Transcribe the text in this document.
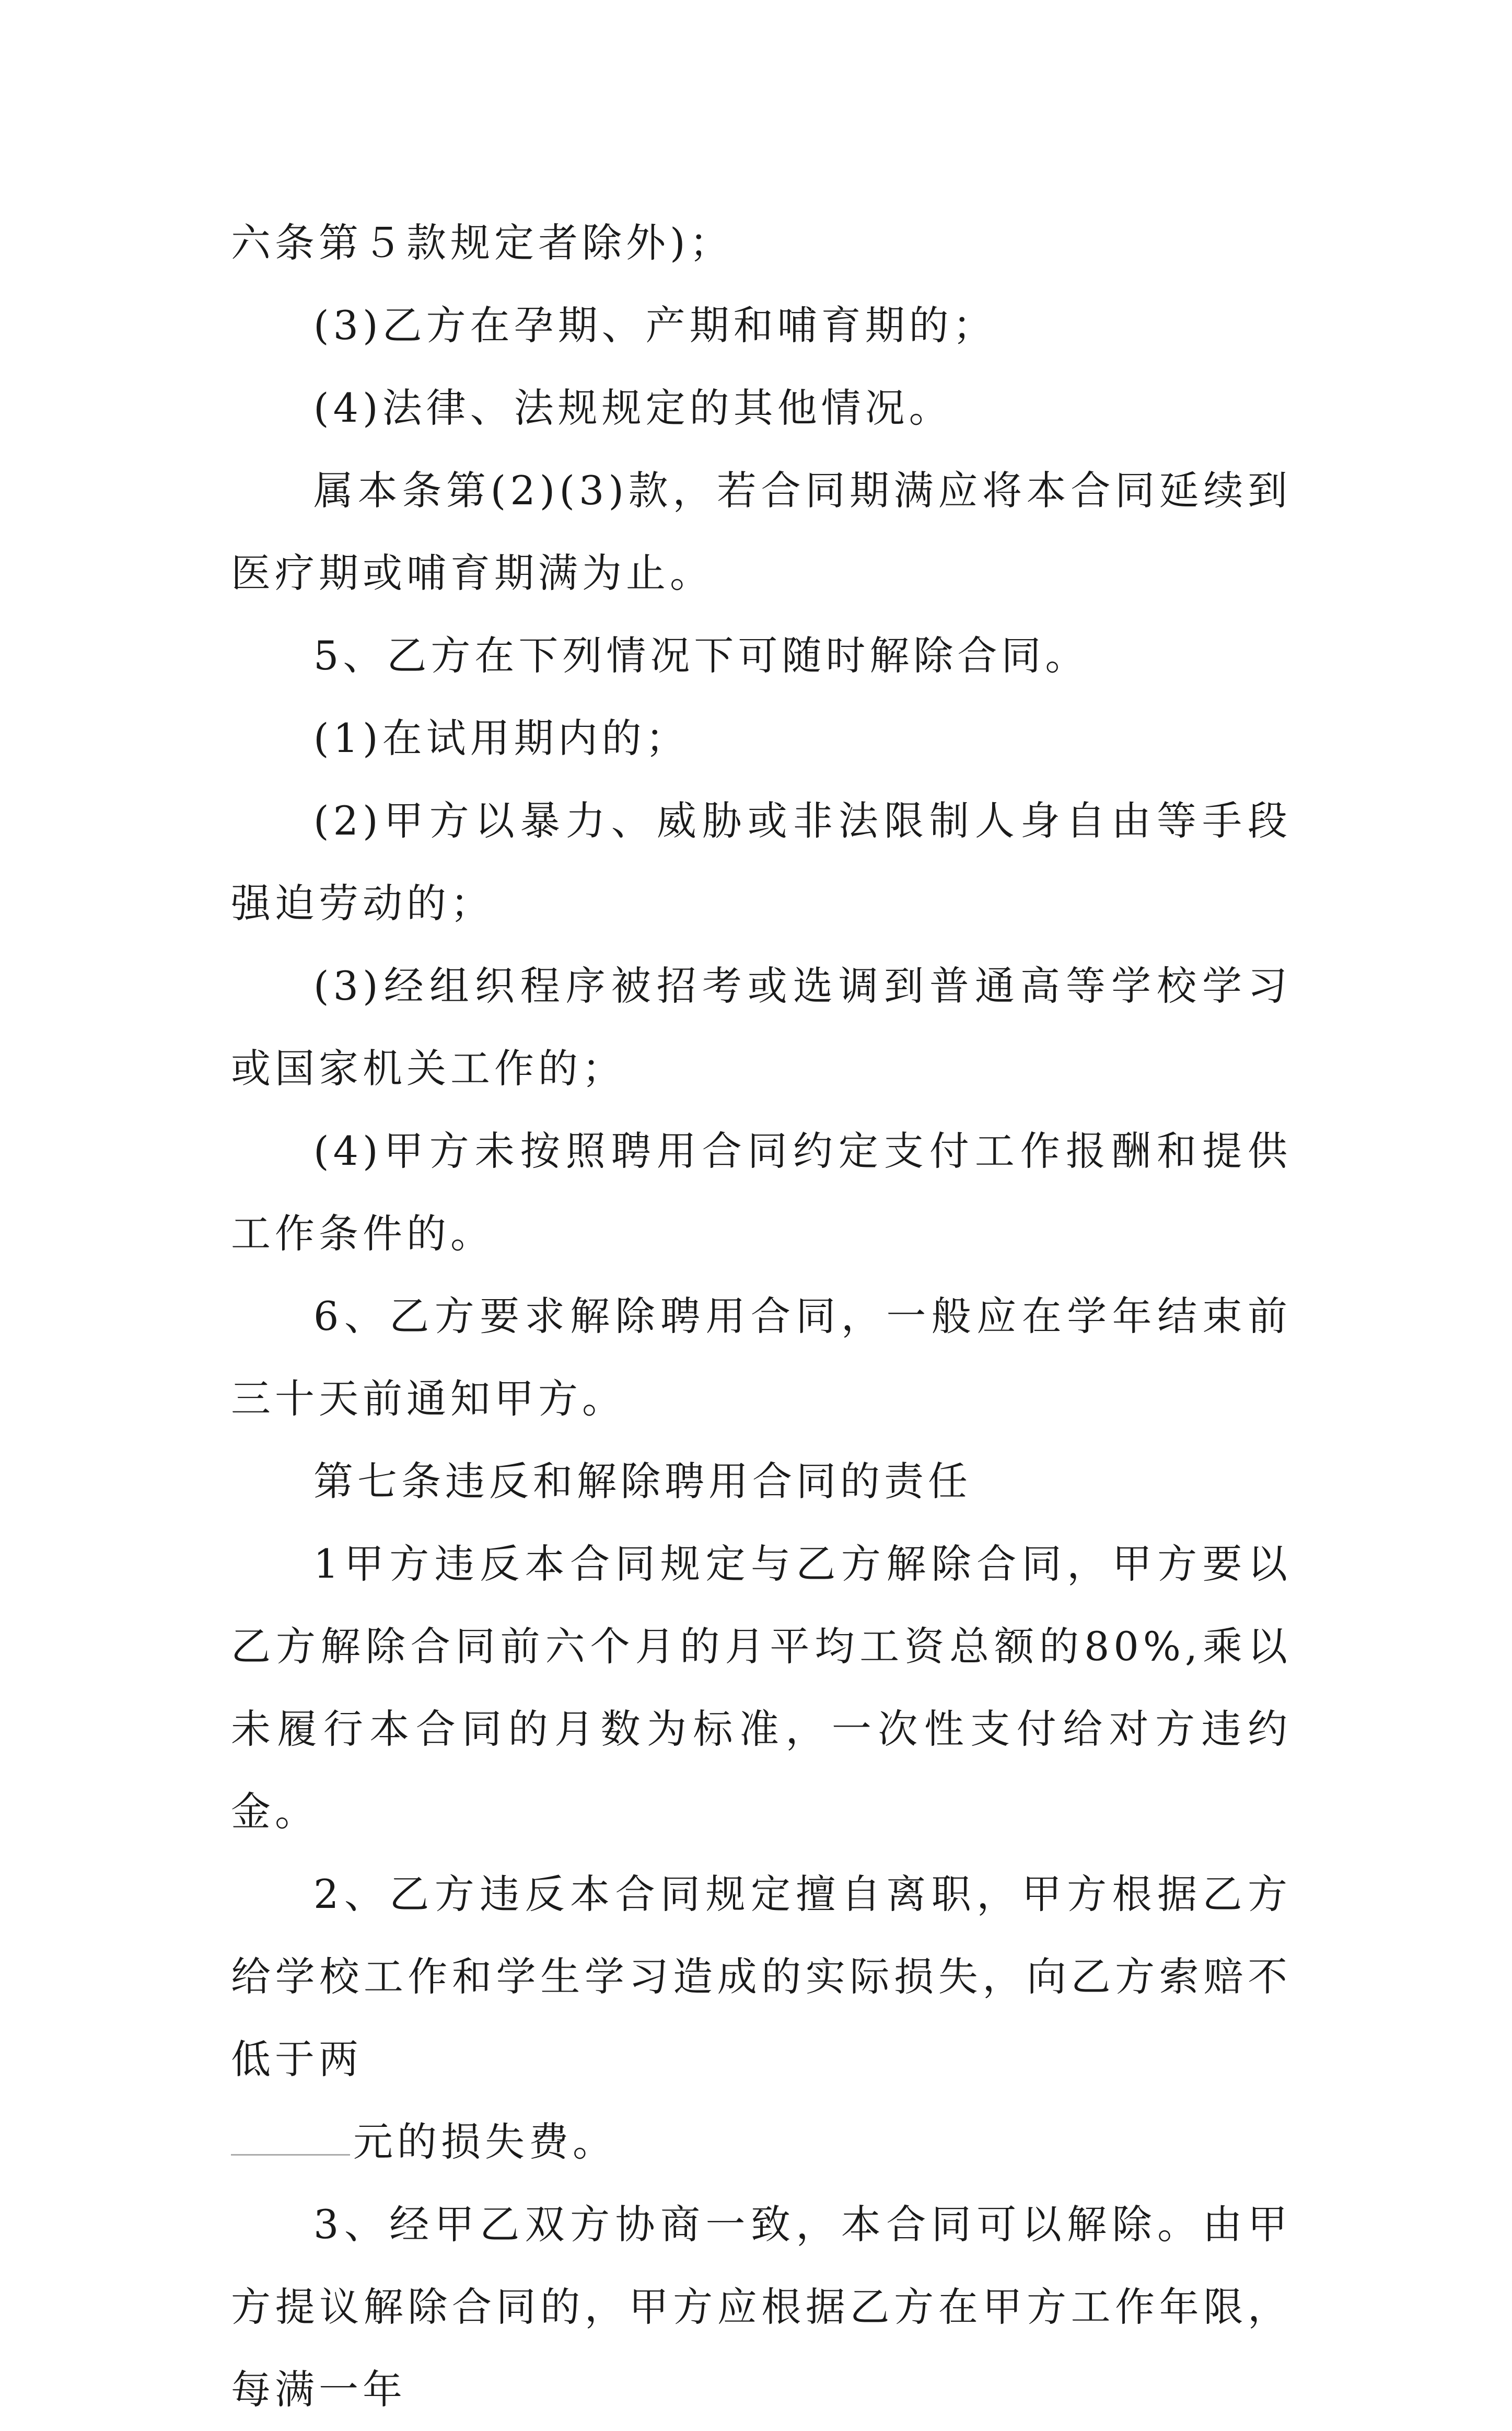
六条第５款规定者除外)；

(3)乙方在孕期、产期和哺育期的；

(4)法律、法规规定的其他情况。

属本条第(2)(3)款，若合同期满应将本合同延续到医疗期或哺育期满为止。

5、乙方在下列情况下可随时解除合同。

(1)在试用期内的；

(2)甲方以暴力、威胁或非法限制人身自由等手段强迫劳动的；

(3)经组织程序被招考或选调到普通高等学校学习或国家机关工作的；

(4)甲方未按照聘用合同约定支付工作报酬和提供工作条件的。

6、乙方要求解除聘用合同，一般应在学年结束前三十天前通知甲方。

第七条违反和解除聘用合同的责任

1甲方违反本合同规定与乙方解除合同，甲方要以乙方解除合同前六个月的月平均工资总额的80%,乘以未履行本合同的月数为标准，一次性支付给对方违约金。

2、乙方违反本合同规定擅自离职，甲方根据乙方给学校工作和学生学习造成的实际损失，向乙方索赔不低于两

元的损失费。

3、经甲乙双方协商一致，本合同可以解除。由甲方提议解除合同的，甲方应根据乙方在甲方工作年限，每满一年
